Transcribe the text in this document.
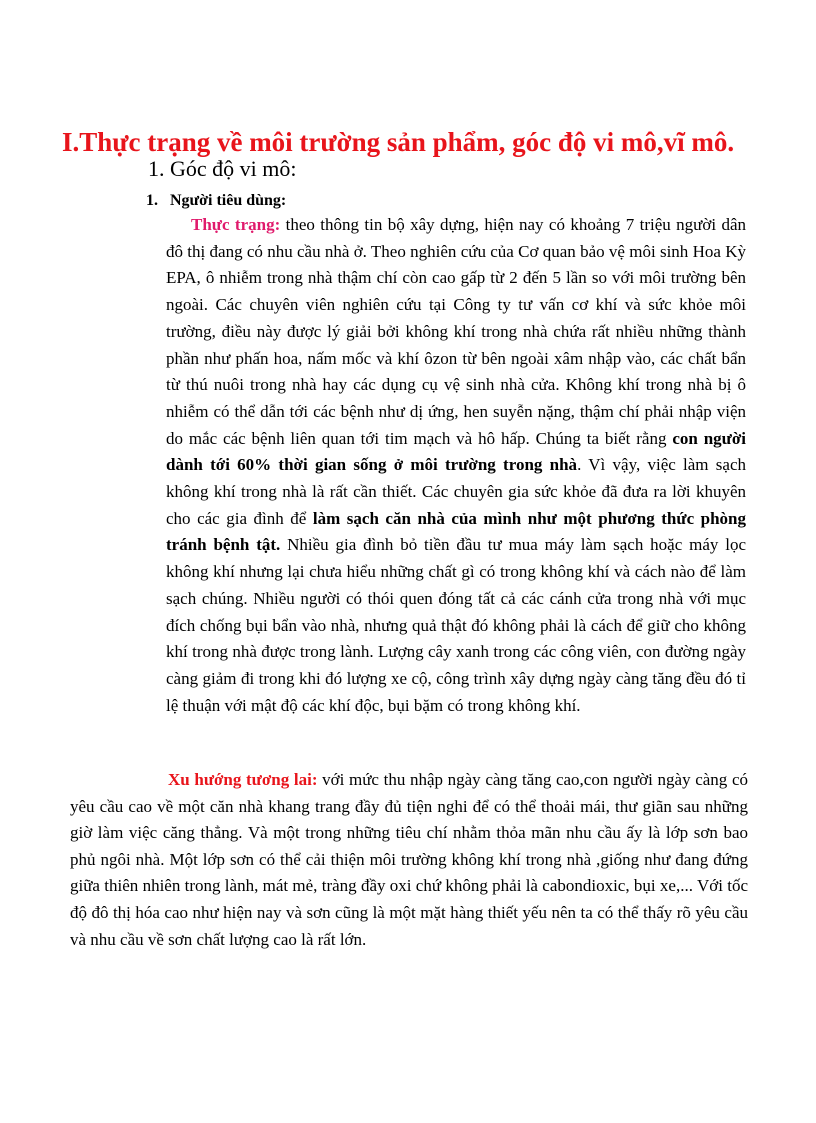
I.Thực trạng về môi trường sản phẩm, góc độ vi mô,vĩ mô.
1. Góc độ vi mô:
1. Người tiêu dùng:

Thực trạng: theo thông tin bộ xây dựng, hiện nay có khoảng 7 triệu người dân đô thị đang có nhu cầu nhà ở. Theo nghiên cứu của Cơ quan bảo vệ môi sinh Hoa Kỳ EPA, ô nhiễm trong nhà thậm chí còn cao gấp từ 2 đến 5 lần so với môi trường bên ngoài. Các chuyên viên nghiên cứu tại Công ty tư vấn cơ khí và sức khỏe môi trường, điều này được lý giải bởi không khí trong nhà chứa rất nhiều những thành phần như phấn hoa, nấm mốc và khí ôzon từ bên ngoài xâm nhập vào, các chất bẩn từ thú nuôi trong nhà hay các dụng cụ vệ sinh nhà cửa. Không khí trong nhà bị ô nhiễm có thể dẫn tới các bệnh như dị ứng, hen suyễn nặng, thậm chí phải nhập viện do mắc các bệnh liên quan tới tim mạch và hô hấp. Chúng ta biết rằng con người dành tới 60% thời gian sống ở môi trường trong nhà. Vì vậy, việc làm sạch không khí trong nhà là rất cần thiết. Các chuyên gia sức khỏe đã đưa ra lời khuyên cho các gia đình để làm sạch căn nhà của mình như một phương thức phòng tránh bệnh tật. Nhiều gia đình bỏ tiền đầu tư mua máy làm sạch hoặc máy lọc không khí nhưng lại chưa hiểu những chất gì có trong không khí và cách nào để làm sạch chúng. Nhiều người có thói quen đóng tất cả các cánh cửa trong nhà với mục đích chống bụi bẩn vào nhà, nhưng quả thật đó không phải là cách để giữ cho không khí trong nhà được trong lành. Lượng cây xanh trong các công viên, con đường ngày càng giảm đi trong khi đó lượng xe cộ, công trình xây dựng ngày càng tăng đều đó tỉ lệ thuận với mật độ các khí độc, bụi bặm có trong không khí.

Xu hướng tương lai: với mức thu nhập ngày càng tăng cao,con người ngày càng có yêu cầu cao về một căn nhà khang trang đầy đủ tiện nghi để có thể thoải mái, thư giãn sau những giờ làm việc căng thẳng. Và một trong những tiêu chí nhằm thỏa mãn nhu cầu ấy là lớp sơn bao phủ ngôi nhà. Một lớp sơn có thể cải thiện môi trường không khí trong nhà ,giống như đang đứng giữa thiên nhiên trong lành, mát mẻ, tràng đầy oxi chứ không phải là cabondioxic, bụi xe,... Với tốc độ đô thị hóa cao như hiện nay và sơn cũng là một mặt hàng thiết yếu nên ta có thể thấy rõ yêu cầu và nhu cầu về sơn chất lượng cao là rất lớn.
